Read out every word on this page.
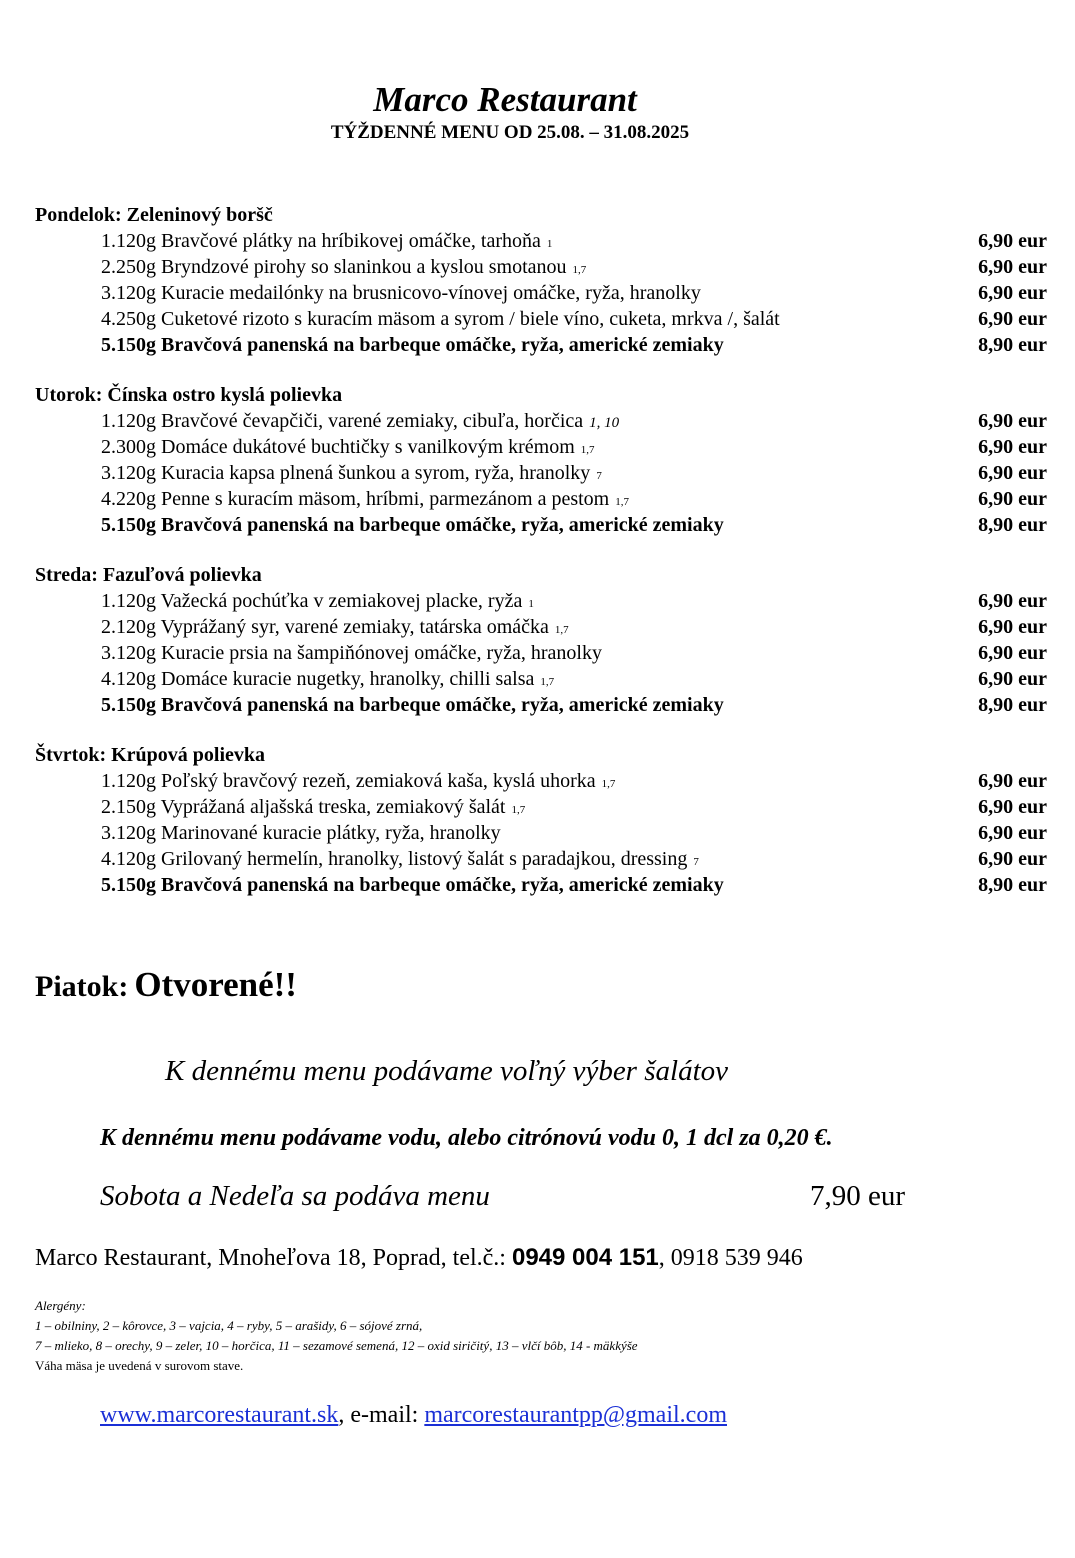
Marco Restaurant
TÝŽDENNÉ MENU OD 25.08. – 31.08.2025
Pondelok: Zeleninový boršč
1.120g Bravčové plátky na hríbikovej omáčke, tarhoňa 1	6,90 eur
2.250g Bryndzové pirohy so slaninkou a kyslou smotanou 1,7	6,90 eur
3.120g Kuracie medailónky na brusnicovo-vínovej omáčke, ryža, hranolky	6,90 eur
4.250g Cuketové rizoto s kuracím mäsom a syrom / biele víno, cuketa, mrkva /, šalát	6,90 eur
5.150g Bravčová panenská na barbeque omáčke, ryža, americké zemiaky	8,90 eur
Utorok: Čínska ostro kyslá polievka
1.120g Bravčové čevapčiči, varené zemiaky, cibuľa, horčica 1, 10	6,90 eur
2.300g Domáce dukátové buchtičky s vanilkovým krémom 1,7	6,90 eur
3.120g Kuracia kapsa plnená šunkou a syrom, ryža, hranolky 7	6,90 eur
4.220g Penne s kuracím mäsom, hríbmi, parmezánom a pestom 1,7	6,90 eur
5.150g Bravčová panenská na barbeque omáčke, ryža, americké zemiaky	8,90 eur
Streda: Fazuľová polievka
1.120g Važecká pochúťka v zemiakovej placke, ryža 1	6,90 eur
2.120g Vyprážaný syr, varené zemiaky, tatárska omáčka 1,7	6,90 eur
3.120g Kuracie prsia na šampiňónovej omáčke, ryža, hranolky	6,90 eur
4.120g Domáce kuracie nugetky, hranolky, chilli salsa 1,7	6,90 eur
5.150g Bravčová panenská na barbeque omáčke, ryža, americké zemiaky	8,90 eur
Štvrtok: Krúpová polievka
1.120g Poľský bravčový rezeň, zemiaková kaša, kyslá uhorka 1,7	6,90 eur
2.150g Vyprážaná aljašská treska, zemiakový šalát 1,7	6,90 eur
3.120g Marinované kuracie plátky, ryža, hranolky	6,90 eur
4.120g Grilovaný hermelín, hranolky, listový šalát s paradajkou, dressing 7	6,90 eur
5.150g Bravčová panenská na barbeque omáčke, ryža, americké zemiaky	8,90 eur
Piatok: Otvorené!!
K dennému menu podávame voľný výber šalátov
K dennému menu podávame vodu, alebo citrónovú vodu 0, 1 dcl za 0,20 €.
Sobota a Nedeľa sa podáva menu	7,90 eur
Marco Restaurant, Mnoheľova 18, Poprad, tel.č.: 0949 004 151, 0918 539 946
Alergény:
1 – obilniny, 2 – kôrovce, 3 – vajcia, 4 – ryby, 5 – arašidy, 6 – sójové zrná,
7 – mlieko, 8 – orechy, 9 – zeler, 10 – horčica, 11 – sezamové semená, 12 – oxid siričitý, 13 – vlčí bôb, 14 - mäkkýše
Váha mäsa je uvedená v surovom stave.
www.marcorestaurant.sk, e-mail: marcorestaurantpp@gmail.com
